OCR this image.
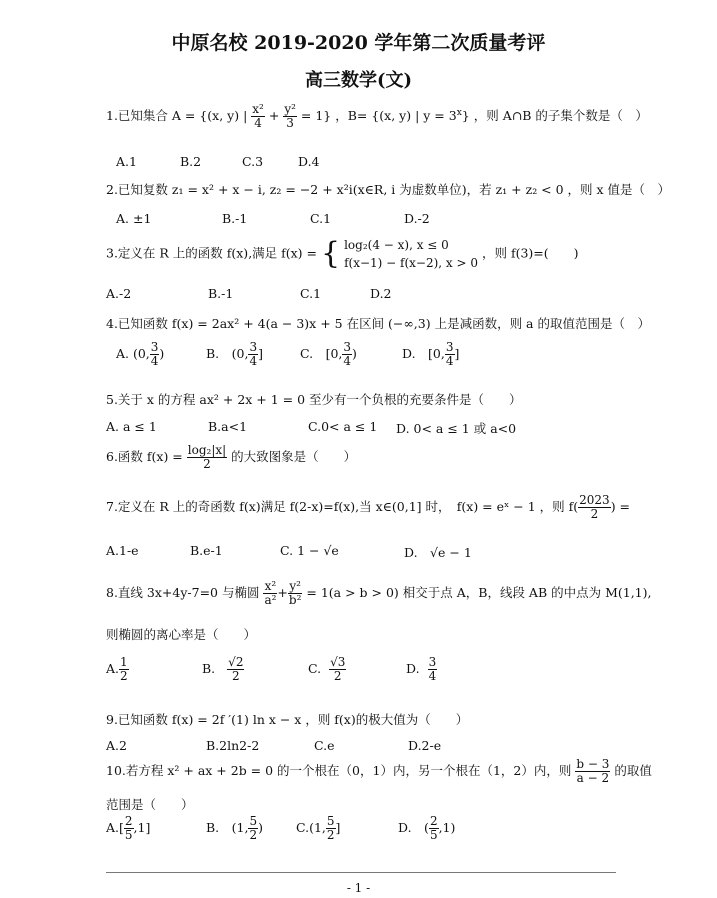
中原名校 2019-2020 学年第二次质量考评
高三数学(文)
1.已知集合 A = {(x, y) | $\frac{\text{x²}}{4} + \frac{\text{y²}}{3} = 1$} ，B= {(x, y) | $y = 3^x$} ，则 A∩B 的子集个数是（　）
A.1	B.2	C.3	D.4
2.已知复数 z₁ = x² + x − i, z₂ = −2 + x²i(x∈R, i 为虚数单位)，若 z₁ + z₂ < 0 ，则 x 值是（　）
A. ±1	B.-1	C.1	D.-2
3.定义在 R 上的函数 f(x),满足 f(x) = { log₂(4 − x), x ≤ 0
f(x−1) − f(x−2), x > 0
，则 f(3)=(　　)
A.-2	B.-1	C.1	D.2
4.已知函数 f(x) = 2ax² + 4(a − 3)x + 5 在区间 (−∞,3) 上是减函数，则 a 的取值范围是（　）
A. (0, $\frac{3}{4}$ )	B.　(0, $\frac{3}{4}$ ]	C.　[0, $\frac{3}{4}$ )	D.　[0, $\frac{3}{4}$ ]
5.关于 x 的方程 ax² + 2x + 1 = 0 至少有一个负根的充要条件是（　　）
A. a ≤ 1	B.a<1	C.0< a ≤ 1 D. 0< a ≤ 1 或 a<0
6.函数 $f(x) = \frac{\text{log₂|x|}}{2}$ 的大致图象是（　　）
7.定义在 R 上的奇函数 f(x)满足 f(2-x)=f(x),当 x∈(0,1] 时，　f(x) = eˣ − 1 ，则 $f( \frac{2023}{2}$ ) =
A.1-e	B.e-1	C. 1 − √e	D.　√e − 1
8.直线 3x+4y-7=0 与椭圆 $\frac{\text{x²}}{\text{a²}} + \frac{\text{y²}}{\text{b²}} = 1(a > b > 0)$ 相交于点 A，B，线段 AB 的中点为 M(1,1),
则椭圆的离心率是（　　）
A. $\frac{1}{2}$	B. $\frac{√2}{2}$	C. $\frac{√3}{2}$	D. $\frac{3}{4}$
9.已知函数 f(x) = 2f ′(1) ln x − x ，则 f(x)的极大值为（　　）
A.2	B.2ln2-2	C.e	D.2-e
10.若方程 x² + ax + 2b = 0 的一个根在（0，1）内，另一个根在（1，2）内，则 $\frac{b - 3}{a - 2}$ 的取值
范围是（　　）
$A.[ \frac{2}{5} ,1]$	B.　(1, $\frac{5}{2}$ )	C.(1, $\frac{5}{2}$ ]	D.　( $\frac{2}{5} ,1$)
- 1 -
